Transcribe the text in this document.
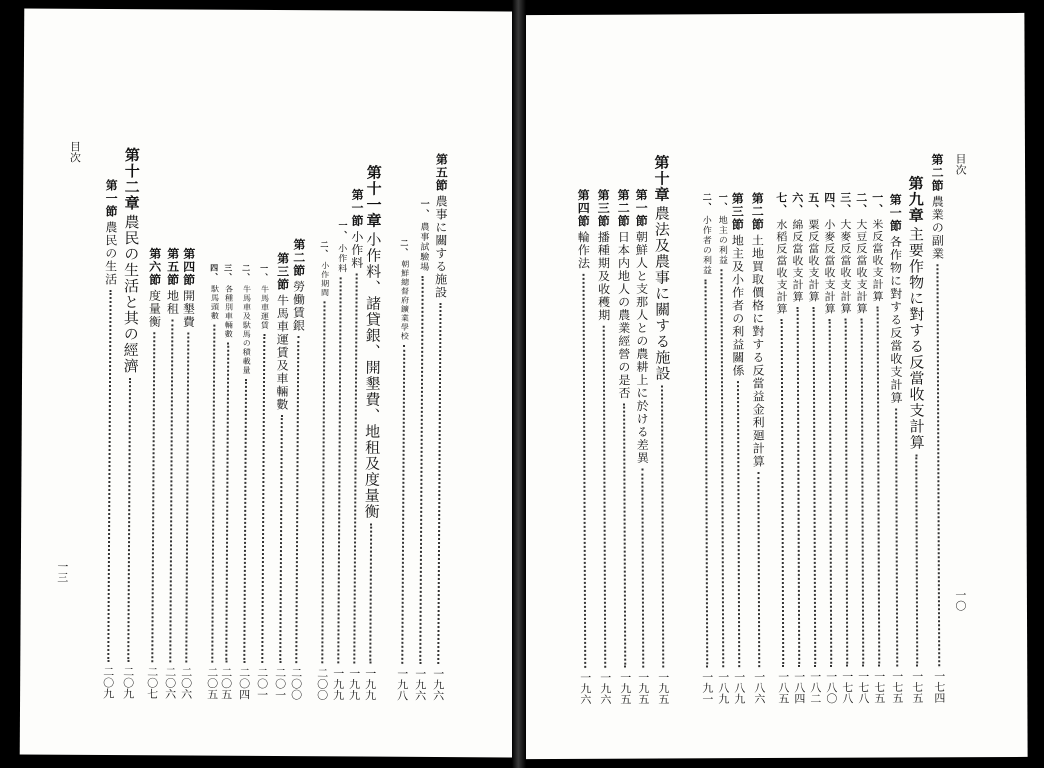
目次
一三
第五節
農事に關する施設
一九六
一、
農事試驗場
一九六
二、
朝鮮總督府鑛業學校
一九八
第十一章
小作料、諸貸銀、開墾費、地租及度量衡
一九九
第一節
小作料
一九九
一、
小作料
一九九
二、
小作期間
二〇〇
第二節
勞働賃銀
二〇〇
第三節
牛馬車運賃及車輛數
二〇一
一、
牛馬車運賃
二〇一
二、
牛馬車及馱馬の積載量
二〇四
三、
各種別車輛數
二〇五
四、
馱馬頭數
二〇五
第四節
開墾費
二〇六
第五節
地租
二〇六
第六節
度量衡
二〇七
第十二章
農民の生活と其の經濟
二〇九
第一節
農民の生活
二〇九
目次
一〇
第二節
農業の副業
一七四
第九章
主要作物に對する反當收支計算
一七五
第一節
各作物に對する反當收支計算
一七五
一、
米反當收支計算
一七五
二、
大豆反當收支計算
一七八
三、
大麥反當收支計算
一七八
四、
小麥反當收支計算
一八〇
五、
粟反當收支計算
一八二
六、
綿反當收支計算
一八四
七、
水稻反當收支計算
一八五
第二節
土地買取價格に對する反當益金利廻計算
一八六
第三節
地主及小作者の利益關係
一八九
一、
地主の利益
一八九
二、
小作者の利益
一九一
第十章
農法及農事に關する施設
一九五
第一節
朝鮮人と支那人との農耕上に於ける差異
一九五
第二節
日本内地人の農業經營の是否
一九五
第三節
播種期及收穫期
一九六
第四節
輪作法
一九六
